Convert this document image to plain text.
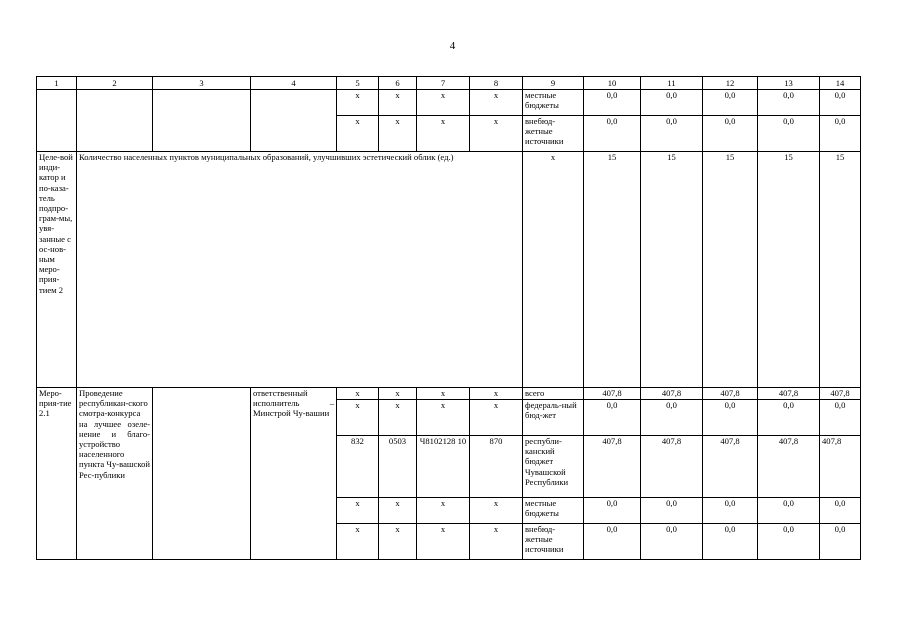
4
1	2	3	4	5	6	7	8	9	10	11	12	13	14
				х	х	х	х	местные бюджеты	0,0	0,0	0,0	0,0	0,0
				х	х	х	х	внебюд-жетные источники	0,0	0,0	0,0	0,0	0,0
Целе-вой инди-катор и по-каза-тель подпро-грам-мы, увя-занные с ос-нов-ным меро-прия-тием 2	Количество населенных пунктов муниципальных образований, улучшивших эстетический облик (ед.)							х	15	15	15	15	15
Меро-прия-тие 2.1	Проведение республикан-ского смотра-конкурса на лучшее озеле-нение и благо-устройство населенного пункта Чу-вашской Рес-публики		ответственный исполнитель – Минстрой Чу-вашии	х	х	х	х	всего	407,8	407,8	407,8	407,8	407,8
				х	х	х	х	федераль-ный бюд-жет	0,0	0,0	0,0	0,0	0,0
				832	0503	Ч8102128 10	870	республи-канский бюджет Чувашской Республики	407,8	407,8	407,8	407,8	407,8
				х	х	х	х	местные бюджеты	0,0	0,0	0,0	0,0	0,0
				х	х	х	х	внебюд-жетные источники	0,0	0,0	0,0	0,0	0,0
